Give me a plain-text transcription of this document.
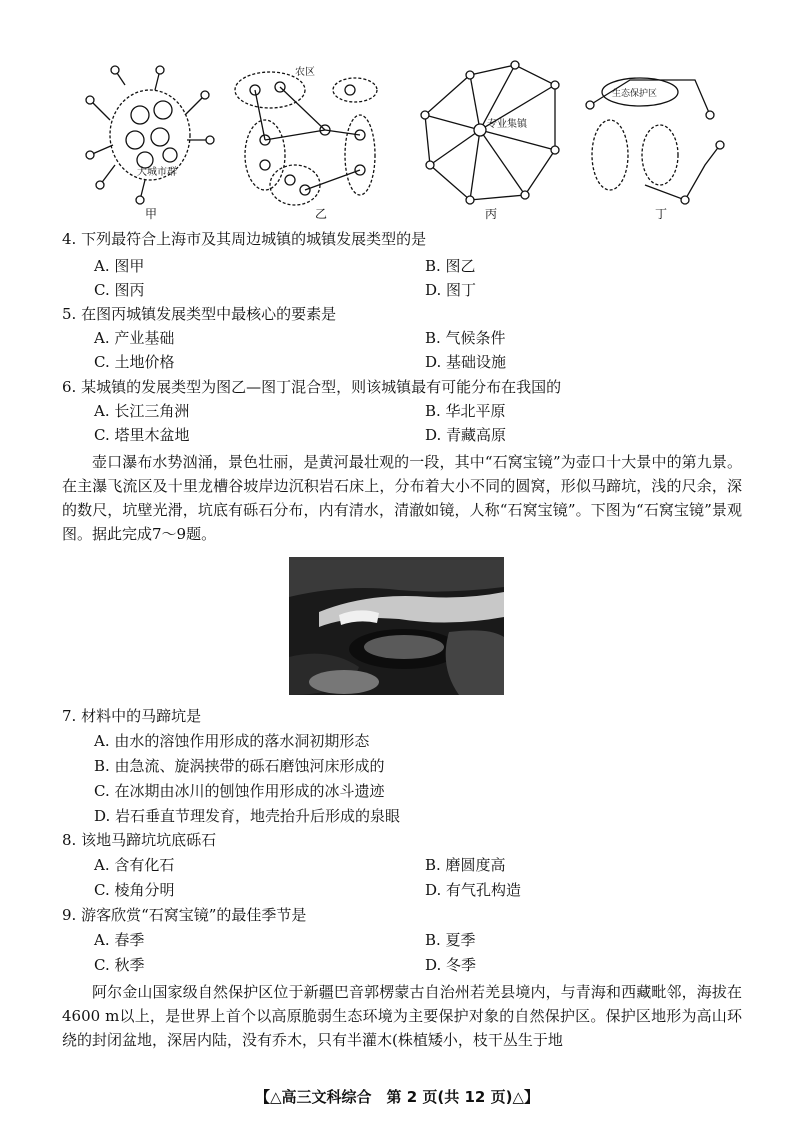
大城市群
甲
农区
乙
专业集镇
丙
生态保护区
丁
4. 下列最符合上海市及其周边城镇的城镇发展类型的是
A. 图甲	B. 图乙
C. 图丙	D. 图丁
5. 在图丙城镇发展类型中最核心的要素是
A. 产业基础	B. 气候条件
C. 土地价格	D. 基础设施
6. 某城镇的发展类型为图乙—图丁混合型，则该城镇最有可能分布在我国的
A. 长江三角洲	B. 华北平原
C. 塔里木盆地	D. 青藏高原
壶口瀑布水势汹涌，景色壮丽，是黄河最壮观的一段，其中“石窝宝镜”为壶口十大景中的第九景。在主瀑飞流区及十里龙槽谷坡岸边沉积岩石床上，分布着大小不同的圆窝，形似马蹄坑，浅的尺余，深的数尺，坑壁光滑，坑底有砾石分布，内有清水，清澈如镜，人称“石窝宝镜”。下图为“石窝宝镜”景观图。据此完成7～9题。
7. 材料中的马蹄坑是
A. 由水的溶蚀作用形成的落水洞初期形态
B. 由急流、旋涡挟带的砾石磨蚀河床形成的
C. 在冰期由冰川的刨蚀作用形成的冰斗遗迹
D. 岩石垂直节理发育，地壳抬升后形成的泉眼
8. 该地马蹄坑坑底砾石
A. 含有化石	B. 磨圆度高
C. 棱角分明	D. 有气孔构造
9. 游客欣赏“石窝宝镜”的最佳季节是
A. 春季	B. 夏季
C. 秋季	D. 冬季
阿尔金山国家级自然保护区位于新疆巴音郭楞蒙古自治州若羌县境内，与青海和西藏毗邻，海拔在4600 m以上，是世界上首个以高原脆弱生态环境为主要保护对象的自然保护区。保护区地形为高山环绕的封闭盆地，深居内陆，没有乔木，只有半灌木(株植矮小，枝干丛生于地
【△高三文科综合　第 2 页(共 12 页)△】
